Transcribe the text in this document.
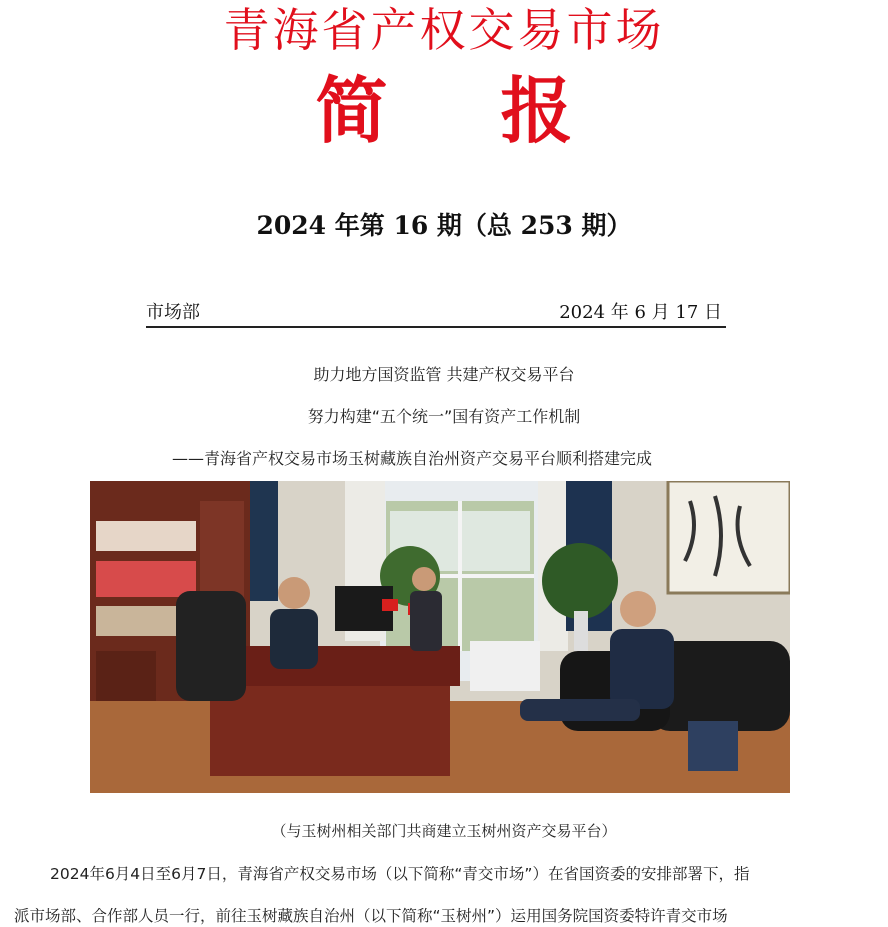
青海省产权交易市场
简 报
2024 年第 16 期（总 253 期）
市场部	2024 年 6 月 17 日
助力地方国资监管 共建产权交易平台
努力构建“五个统一”国有资产工作机制
——青海省产权交易市场玉树藏族自治州资产交易平台顺利搭建完成
（与玉树州相关部门共商建立玉树州资产交易平台）
2024年6月4日至6月7日，青海省产权交易市场（以下简称“青交市场”）在省国资委的安排部署下，指
派市场部、合作部人员一行，前往玉树藏族自治州（以下简称“玉树州”）运用国务院国资委特许青交市场
